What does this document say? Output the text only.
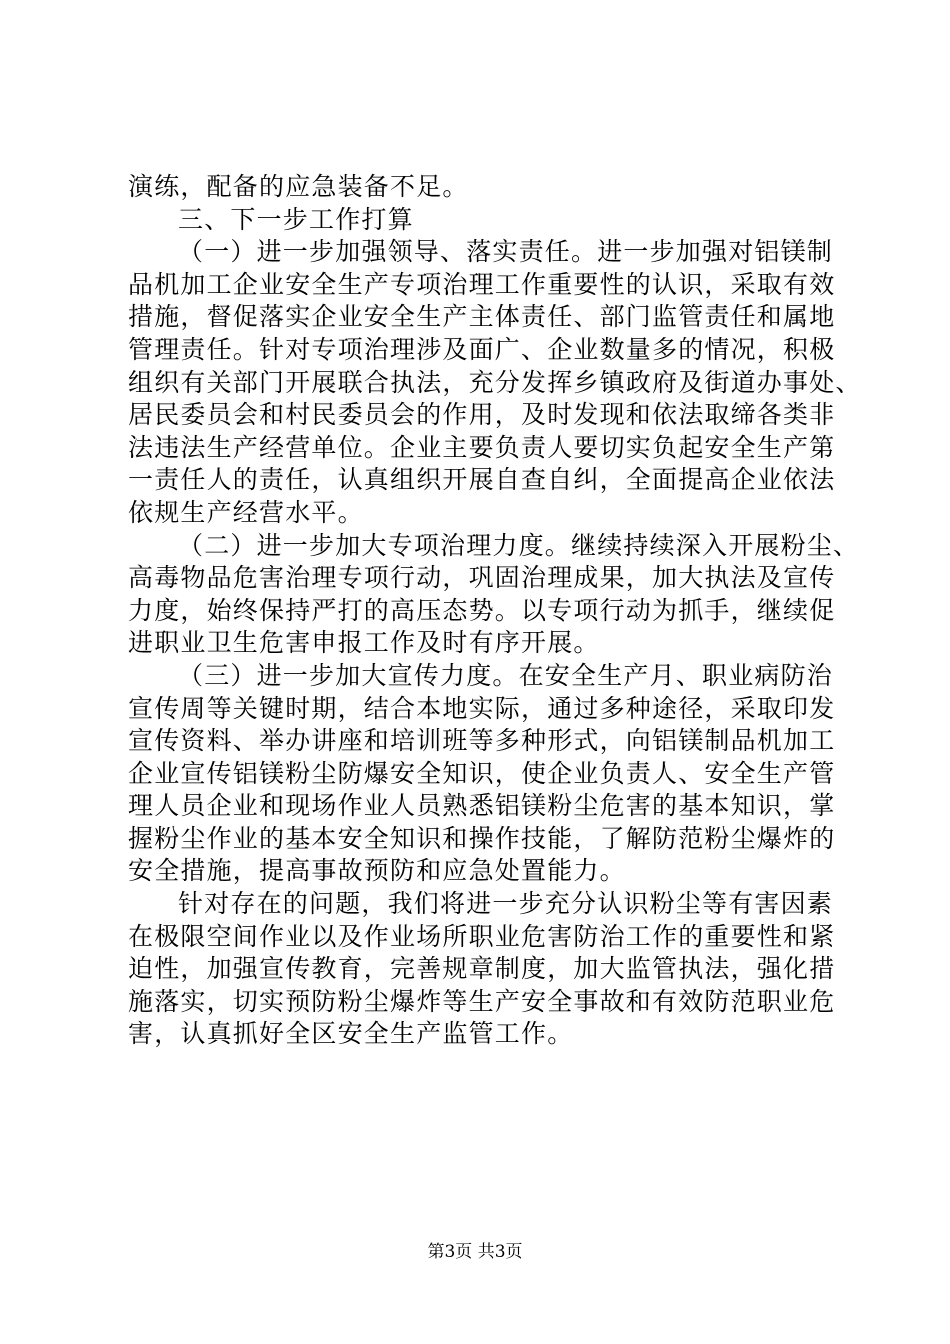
演练，配备的应急装备不足。
三、下一步工作打算
（一）进一步加强领导、落实责任。进一步加强对铝镁制
品机加工企业安全生产专项治理工作重要性的认识，采取有效
措施，督促落实企业安全生产主体责任、部门监管责任和属地
管理责任。针对专项治理涉及面广、企业数量多的情况，积极
组织有关部门开展联合执法，充分发挥乡镇政府及街道办事处、
居民委员会和村民委员会的作用，及时发现和依法取缔各类非
法违法生产经营单位。企业主要负责人要切实负起安全生产第
一责任人的责任，认真组织开展自查自纠，全面提高企业依法
依规生产经营水平。
（二）进一步加大专项治理力度。继续持续深入开展粉尘、
高毒物品危害治理专项行动，巩固治理成果，加大执法及宣传
力度，始终保持严打的高压态势。以专项行动为抓手，继续促
进职业卫生危害申报工作及时有序开展。
（三）进一步加大宣传力度。在安全生产月、职业病防治
宣传周等关键时期，结合本地实际，通过多种途径，采取印发
宣传资料、举办讲座和培训班等多种形式，向铝镁制品机加工
企业宣传铝镁粉尘防爆安全知识，使企业负责人、安全生产管
理人员企业和现场作业人员熟悉铝镁粉尘危害的基本知识，掌
握粉尘作业的基本安全知识和操作技能，了解防范粉尘爆炸的
安全措施，提高事故预防和应急处置能力。
针对存在的问题，我们将进一步充分认识粉尘等有害因素
在极限空间作业以及作业场所职业危害防治工作的重要性和紧
迫性，加强宣传教育，完善规章制度，加大监管执法，强化措
施落实，切实预防粉尘爆炸等生产安全事故和有效防范职业危
害，认真抓好全区安全生产监管工作。
第3页 共3页
